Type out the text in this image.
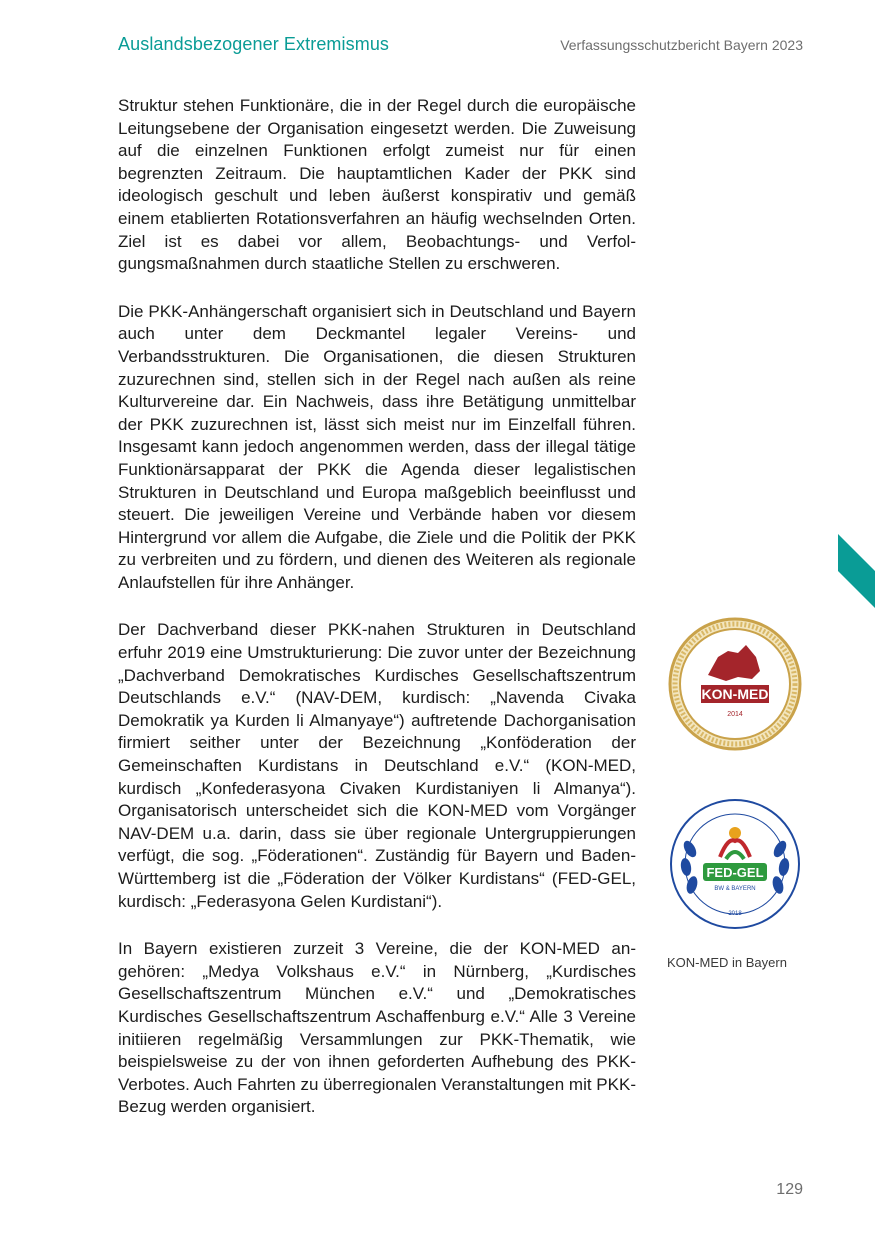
Auslandsbezogener Extremismus	Verfassungsschutzbericht Bayern 2023

Struktur stehen Funktionäre, die in der Regel durch die europäische Leitungsebene der Organisation eingesetzt werden. Die Zuweisung auf die einzelnen Funktionen erfolgt zumeist nur für einen begrenzten Zeitraum. Die hauptamtlichen Kader der PKK sind ideologisch geschult und leben äußerst konspirativ und gemäß einem etablierten Rotationsverfahren an häufig wechselnden Orten. Ziel ist es dabei vor allem, Beobachtungs- und Verfolgungsmaßnahmen durch staatliche Stellen zu erschweren.

Die PKK-Anhängerschaft organisiert sich in Deutschland und Bayern auch unter dem Deckmantel legaler Vereins- und Verbandsstrukturen. Die Organisationen, die diesen Strukturen zuzurechnen sind, stellen sich in der Regel nach außen als reine Kulturvereine dar. Ein Nachweis, dass ihre Betätigung unmittelbar der PKK zuzurechnen ist, lässt sich meist nur im Einzelfall führen. Insgesamt kann jedoch angenommen werden, dass der illegal tätige Funktionärsapparat der PKK die Agenda dieser legalistischen Strukturen in Deutschland und Europa maßgeblich beeinflusst und steuert. Die jeweiligen Vereine und Verbände haben vor diesem Hintergrund vor allem die Aufgabe, die Ziele und die Politik der PKK zu verbreiten und zu fördern, und dienen des Weiteren als regionale Anlaufstellen für ihre Anhänger.

Der Dachverband dieser PKK-nahen Strukturen in Deutschland erfuhr 2019 eine Umstrukturierung: Die zuvor unter der Bezeichnung „Dachverband Demokratisches Kurdisches Gesellschaftszentrum Deutschlands e.V.“ (NAV-DEM, kurdisch: „Navenda Civaka Demokratik ya Kurden li Almanyaye“) auftretende Dachorganisation firmiert seither unter der Bezeichnung „Konföderation der Gemeinschaften Kurdistans in Deutschland e.V.“ (KON-MED, kurdisch „Konfederasyona Civaken Kurdistaniyen li Almanya“). Organisatorisch unterscheidet sich die KON-MED vom Vorgänger NAV-DEM u.a. darin, dass sie über regionale Untergruppierungen verfügt, die sog. „Föderationen“. Zuständig für Bayern und Baden-Württemberg ist die „Föderation der Völker Kurdistans“ (FED-GEL, kurdisch: „Federasyona Gelen Kurdistani“).

In Bayern existieren zurzeit 3 Vereine, die der KON-MED angehören: „Medya Volkshaus e.V.“ in Nürnberg, „Kurdisches Gesellschaftszentrum München e.V.“ und „Demokratisches Kurdisches Gesellschaftszentrum Aschaffenburg e.V.“ Alle 3 Vereine initiieren regelmäßig Versammlungen zur PKK-Thematik, wie beispielsweise zu der von ihnen geforderten Aufhebung des PKK-Verbotes. Auch Fahrten zu überregionalen Veranstaltungen mit PKK-Bezug werden organisiert.

KON-MED
2014
FED-GEL
BW & BAYERN
2018
KON-MED in Bayern
129
